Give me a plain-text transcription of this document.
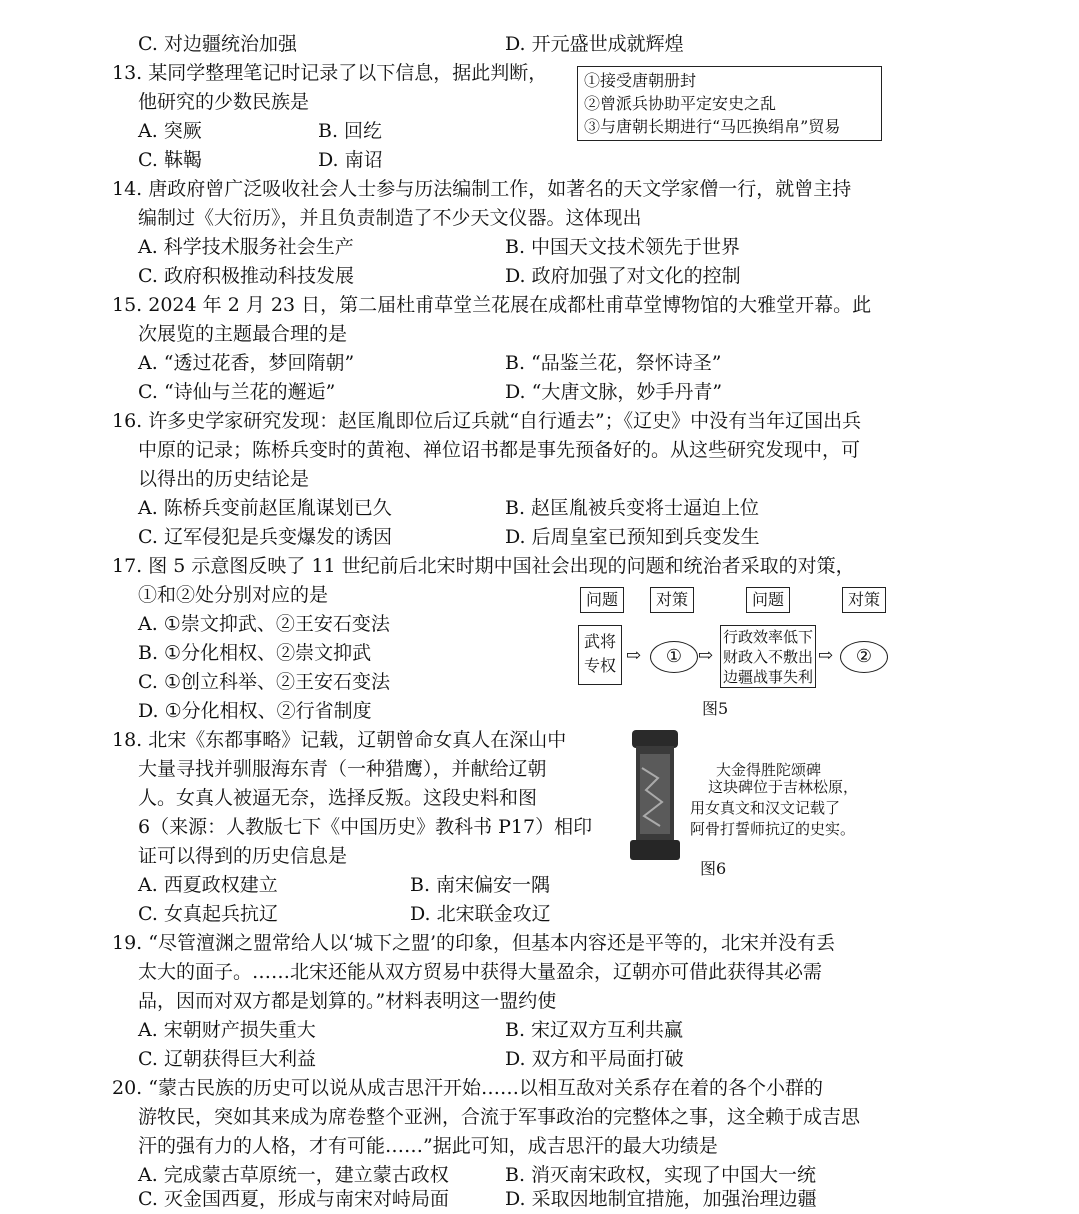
C. 对边疆统治加强	D. 开元盛世成就辉煌
13. 某同学整理笔记时记录了以下信息，据此判断，
他研究的少数民族是
①接受唐朝册封
②曾派兵协助平定安史之乱
③与唐朝长期进行“马匹换绢帛”贸易
A. 突厥	B. 回纥
C. 靺鞨	D. 南诏
14. 唐政府曾广泛吸收社会人士参与历法编制工作，如著名的天文学家僧一行，就曾主持
编制过《大衍历》，并且负责制造了不少天文仪器。这体现出
A. 科学技术服务社会生产	B. 中国天文技术领先于世界
C. 政府积极推动科技发展	D. 政府加强了对文化的控制
15. 2024 年 2 月 23 日，第二届杜甫草堂兰花展在成都杜甫草堂博物馆的大雅堂开幕。此
次展览的主题最合理的是
A. “透过花香，梦回隋朝”	B. “品鉴兰花，祭怀诗圣”
C. “诗仙与兰花的邂逅”	D. “大唐文脉，妙手丹青”
16. 许多史学家研究发现：赵匡胤即位后辽兵就“自行遁去”；《辽史》中没有当年辽国出兵
中原的记录；陈桥兵变时的黄袍、禅位诏书都是事先预备好的。从这些研究发现中，可
以得出的历史结论是
A. 陈桥兵变前赵匡胤谋划已久	B. 赵匡胤被兵变将士逼迫上位
C. 辽军侵犯是兵变爆发的诱因	D. 后周皇室已预知到兵变发生
17. 图 5 示意图反映了 11 世纪前后北宋时期中国社会出现的问题和统治者采取的对策，
①和②处分别对应的是
A. ①崇文抑武、②王安石变法
B. ①分化相权、②崇文抑武
C. ①创立科举、②王安石变法
D. ①分化相权、②行省制度
问题	对策	问题	对策
武将
专权 ⇨	① ⇨
行政效率低下
财政入不敷出
边疆战事失利
⇨	②
图5
18. 北宋《东都事略》记载，辽朝曾命女真人在深山中
大量寻找并驯服海东青（一种猎鹰），并献给辽朝
人。女真人被逼无奈，选择反叛。这段史料和图
6（来源：人教版七下《中国历史》教科书 P17）相印
证可以得到的历史信息是
A. 西夏政权建立	B. 南宋偏安一隅
C. 女真起兵抗辽	D. 北宋联金攻辽
大金得胜陀颂碑
这块碑位于吉林松原，
用女真文和汉文记载了
阿骨打誓师抗辽的史实。
图6
19. “尽管澶渊之盟常给人以‘城下之盟’的印象，但基本内容还是平等的，北宋并没有丢
太大的面子。……北宋还能从双方贸易中获得大量盈余，辽朝亦可借此获得其必需
品，因而对双方都是划算的。”材料表明这一盟约使
A. 宋朝财产损失重大	B. 宋辽双方互利共赢
C. 辽朝获得巨大利益	D. 双方和平局面打破
20. “蒙古民族的历史可以说从成吉思汗开始……以相互敌对关系存在着的各个小群的
游牧民，突如其来成为席卷整个亚洲，合流于军事政治的完整体之事，这全赖于成吉思
汗的强有力的人格，才有可能……”据此可知，成吉思汗的最大功绩是
A. 完成蒙古草原统一，建立蒙古政权	B. 消灭南宋政权，实现了中国大一统
C. 灭金国西夏，形成与南宋对峙局面	D. 采取因地制宜措施，加强治理边疆
